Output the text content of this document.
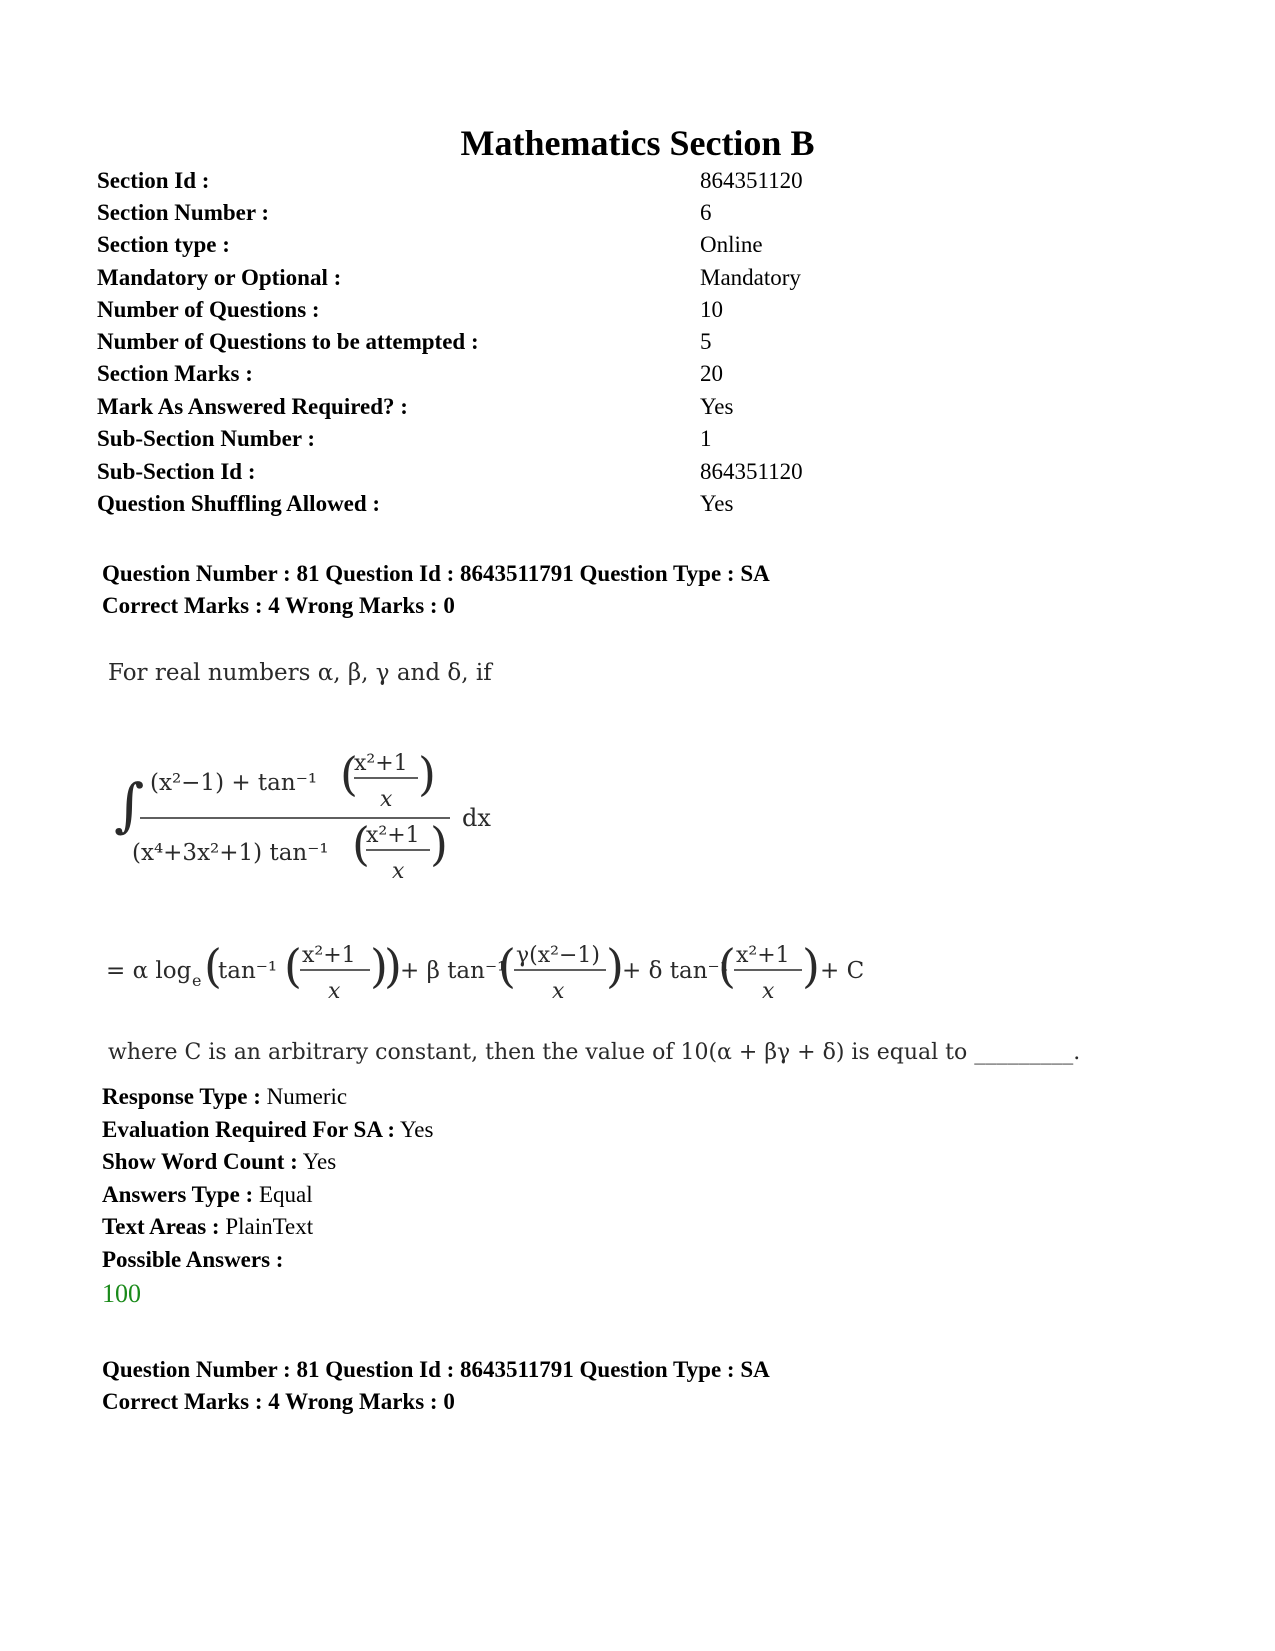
Mathematics Section B
Section Id :	864351120
Section Number :	6
Section type :	Online
Mandatory or Optional :	Mandatory
Number of Questions :	10
Number of Questions to be attempted :	5
Section Marks :	20
Mark As Answered Required? :	Yes
Sub-Section Number :	1
Sub-Section Id :	864351120
Question Shuffling Allowed :	Yes
Question Number : 81 Question Id : 8643511791 Question Type : SA
Correct Marks : 4 Wrong Marks : 0
For real numbers α, β, γ and δ, if
∫ (x²−1) + tan⁻¹ (
x²+1
x )
dx
(x⁴+3x²+1) tan⁻¹ (
x²+1
x
)
= α log e (
tan⁻¹ ( x²+1
x )
)
+ β tan⁻¹
( γ(x²−1)
x )
+ δ tan⁻¹
( x²+1
x ) + C
where C is an arbitrary constant, then the value of 10(α + βγ + δ) is equal to _________.
Response Type : Numeric
Evaluation Required For SA : Yes
Show Word Count : Yes
Answers Type : Equal
Text Areas : PlainText
Possible Answers :
100
Question Number : 81 Question Id : 8643511791 Question Type : SA
Correct Marks : 4 Wrong Marks : 0
